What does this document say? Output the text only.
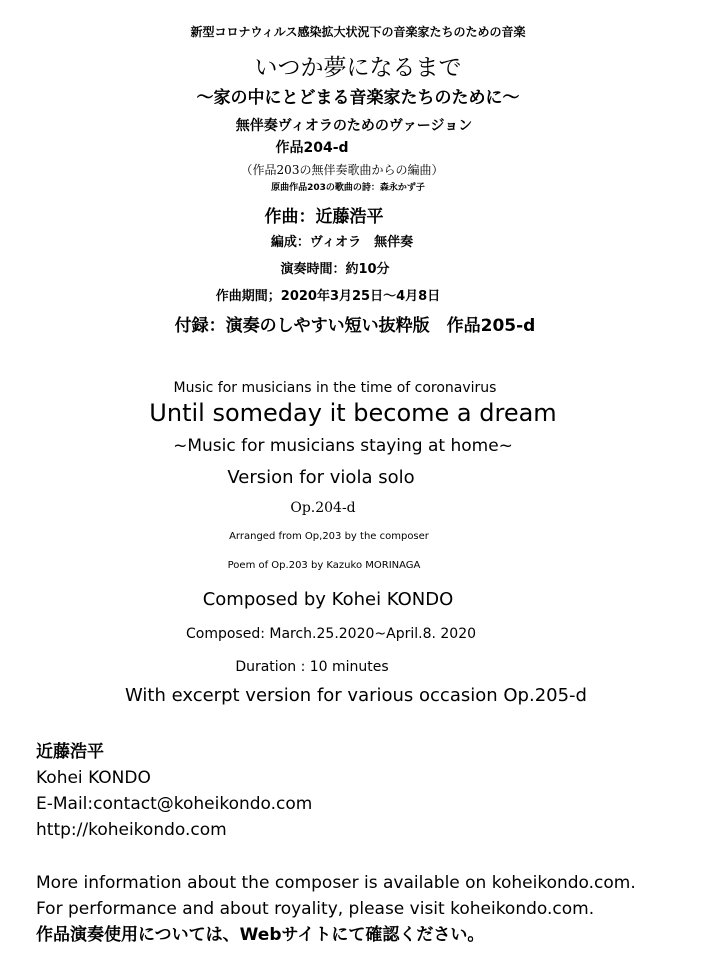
新型コロナウィルス感染拡大状況下の音楽家たちのための音楽
いつか夢になるまで
～家の中にとどまる音楽家たちのために～
無伴奏ヴィオラのためのヴァージョン
作品204-d
（作品203の無伴奏歌曲からの編曲）
原曲作品203の歌曲の詩：森永かず子
作曲：近藤浩平
編成：ヴィオラ　無伴奏
演奏時間：約10分
作曲期間；2020年3月25日～4月8日
付録：演奏のしやすい短い抜粋版　作品205-d
Music for musicians in the time of coronavirus
Until someday it become a dream
~Music for musicians staying at home~
Version for viola solo
Op.204-d
Arranged from Op,203 by the composer
Poem of Op.203 by Kazuko MORINAGA
Composed by Kohei KONDO
Composed: March.25.2020~April.8. 2020
Duration : 10 minutes
With excerpt version for various occasion Op.205-d
近藤浩平
Kohei KONDO
E-Mail:contact@koheikondo.com
http://koheikondo.com
More information about the composer is available on koheikondo.com.
For performance and about royality, please visit koheikondo.com.
作品演奏使用については、Webサイトにて確認ください。
